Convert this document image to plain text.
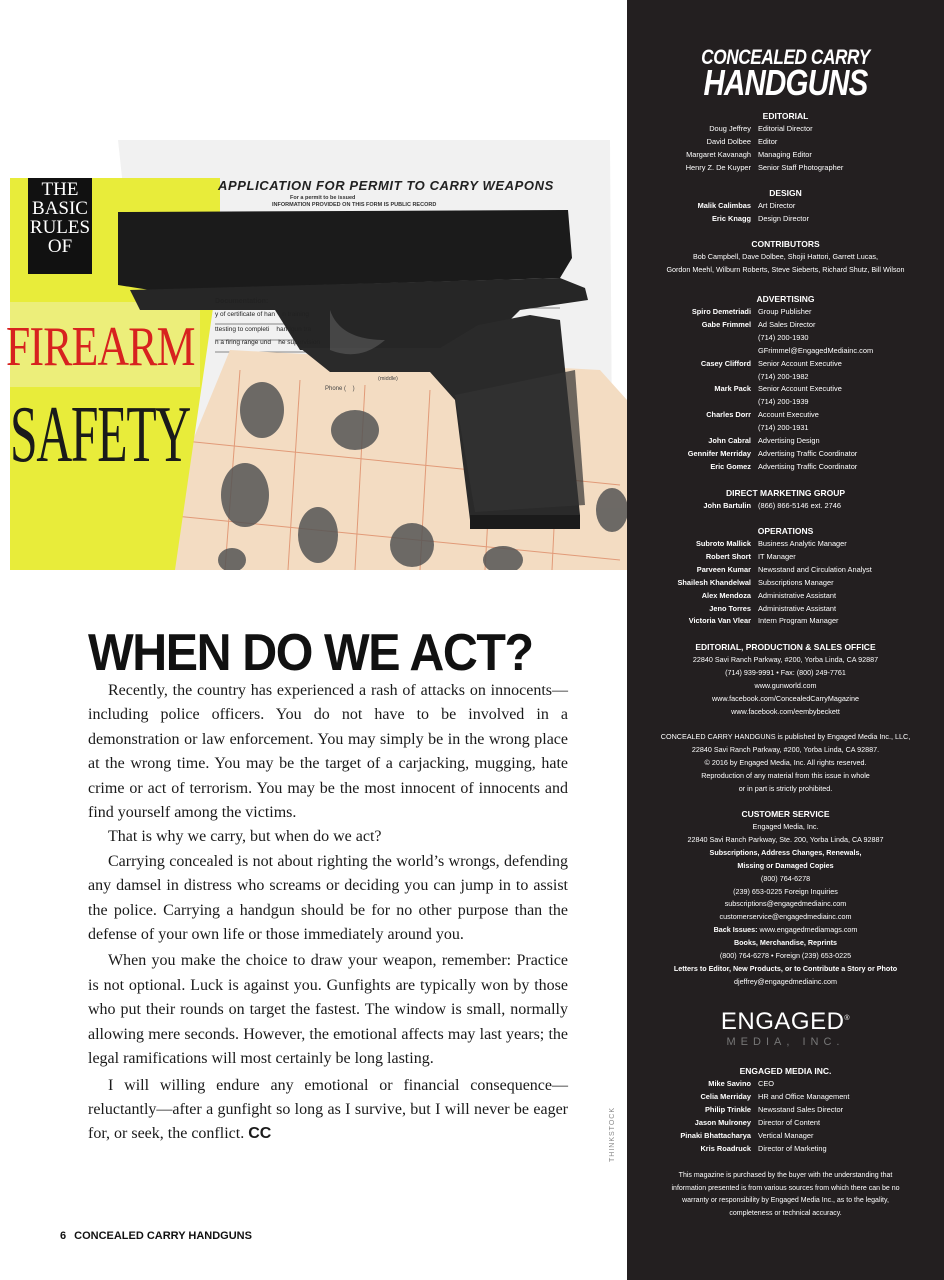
APPLICATION FOR PERMIT TO CARRY WEAPONS
For a permit to be issued
INFORMATION PROVIDED ON THIS FORM IS PUBLIC RECORD
Documentation:
y of certificate of han    n training
ttesting to completi    handgun tra
n a firing range und    he supervision
(middle)
Phone (    )
THE
BASIC
RULES
OF
FIREARM
SAFETY
THINKSTOCK
WHEN DO WE ACT?

Recently, the country has experienced a rash of attacks on innocents—including police officers. You do not have to be involved in a demonstration or law enforcement. You may simply be in the wrong place at the wrong time. You may be the target of a carjacking, mugging, hate crime or act of terrorism. You may be the most innocent of innocents and find yourself among the victims.

That is why we carry, but when do we act?

Carrying concealed is not about righting the world’s wrongs, defending any damsel in distress who screams or deciding you can jump in to assist the police. Carrying a handgun should be for no other purpose than the defense of your own life or those immediately around you.

When you make the choice to draw your weapon, remember: Practice is not optional. Luck is against you. Gunfights are typically won by those who put their rounds on target the fastest. The window is small, normally allowing mere seconds. However, the emotional affects may last years; the legal ramifications will most certainly be long lasting.

I will willing endure any emotional or financial consequence—reluctantly—after a gunfight so long as I survive, but I will never be eager for, or seek, the conflict. CC

6 CONCEALED CARRY HANDGUNS
CONCEALED CARRY
HANDGUNS
EDITORIAL
Doug Jeffrey Editorial Director
David Dolbee Editor
Margaret Kavanagh Managing Editor
Henry Z. De Kuyper Senior Staff Photographer
DESIGN
Malik Calimbas Art Director
Eric Knagg Design Director
CONTRIBUTORS
Bob Campbell, Dave Dolbee, Shojii Hattori, Garrett Lucas,
Gordon Meehl, Wilburn Roberts, Steve Sieberts, Richard Shutz, Bill Wilson
ADVERTISING
Spiro Demetriadi Group Publisher
Gabe Frimmel Ad Sales Director
(714) 200-1930
GFrimmel@EngagedMediainc.com
Casey Clifford Senior Account Executive
(714) 200-1982
Mark Pack Senior Account Executive
(714) 200-1939
Charles Dorr Account Executive
(714) 200-1931
John Cabral Advertising Design
Gennifer Merriday Advertising Traffic Coordinator
Eric Gomez Advertising Traffic Coordinator
DIRECT MARKETING GROUP
John Bartulin (866) 866-5146 ext. 2746
OPERATIONS
Subroto Mallick Business Analytic Manager
Robert Short IT Manager
Parveen Kumar Newsstand and Circulation Analyst
Shailesh Khandelwal Subscriptions Manager
Alex Mendoza Administrative Assistant
Jeno Torres Administrative Assistant
Victoria Van Vlear Intern Program Manager
EDITORIAL, PRODUCTION & SALES OFFICE
22840 Savi Ranch Parkway, #200, Yorba Linda, CA 92887
(714) 939-9991 • Fax: (800) 249-7761
www.gunworld.com
www.facebook.com/ConcealedCarryMagazine
www.facebook.com/eembybeckett
CONCEALED CARRY HANDGUNS is published by Engaged Media Inc., LLC,
22840 Savi Ranch Parkway, #200, Yorba Linda, CA 92887.
© 2016 by Engaged Media, Inc. All rights reserved.
Reproduction of any material from this issue in whole
or in part is strictly prohibited.
CUSTOMER SERVICE
Engaged Media, Inc.
22840 Savi Ranch Parkway, Ste. 200, Yorba Linda, CA 92887
Subscriptions, Address Changes, Renewals,
Missing or Damaged Copies
(800) 764-6278
(239) 653-0225 Foreign Inquiries
subscriptions@engagedmediainc.com
customerservice@engagedmediainc.com
Back Issues: www.engagedmediamags.com
Books, Merchandise, Reprints
(800) 764-6278 • Foreign (239) 653-0225
Letters to Editor, New Products, or to Contribute a Story or Photo
djeffrey@engagedmediainc.com
ENGAGED®
MEDIA, INC.
ENGAGED MEDIA INC.
Mike Savino CEO
Celia Merriday HR and Office Management
Philip Trinkle Newsstand Sales Director
Jason Mulroney Director of Content
Pinaki Bhattacharya Vertical Manager
Kris Roadruck Director of Marketing
This magazine is purchased by the buyer with the understanding that
information presented is from various sources from which there can be no
warranty or responsibility by Engaged Media Inc., as to the legality,
completeness or technical accuracy.
